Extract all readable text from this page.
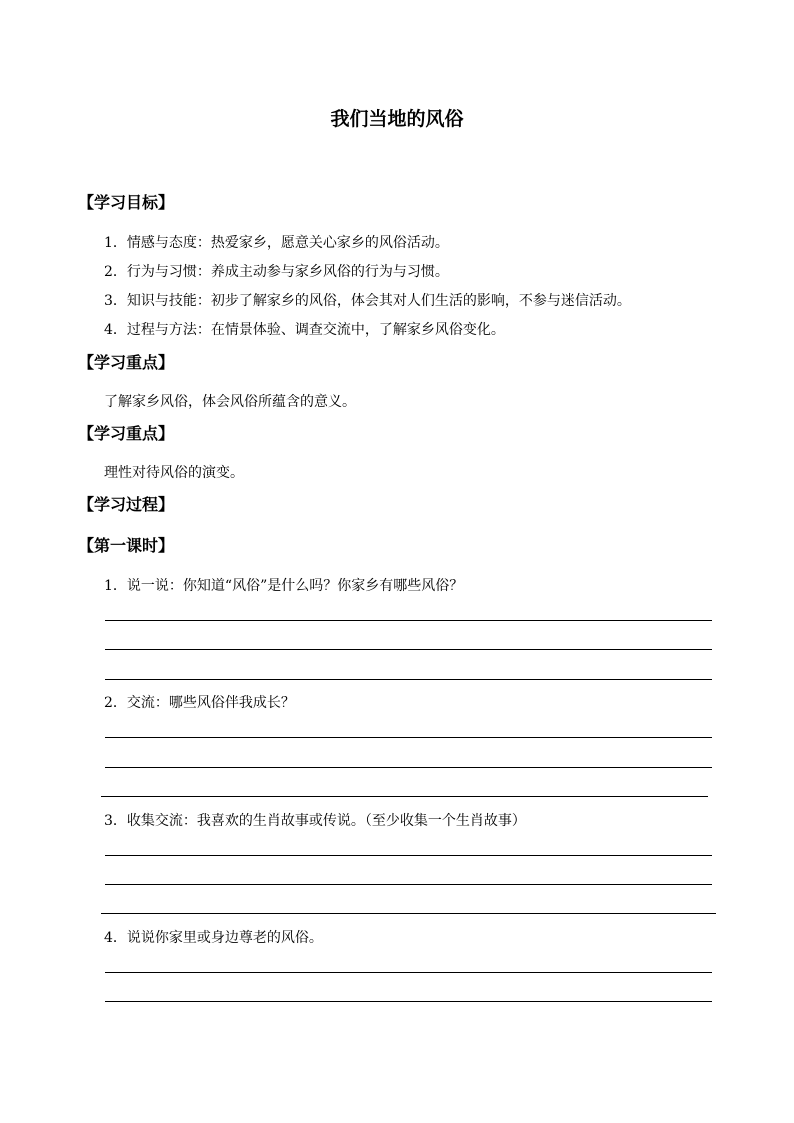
我们当地的风俗
【学习目标】
1．情感与态度：热爱家乡，愿意关心家乡的风俗活动。
2．行为与习惯：养成主动参与家乡风俗的行为与习惯。
3．知识与技能：初步了解家乡的风俗，体会其对人们生活的影响，不参与迷信活动。
4．过程与方法：在情景体验、调查交流中，了解家乡风俗变化。
【学习重点】
了解家乡风俗，体会风俗所蕴含的意义。
【学习重点】
理性对待风俗的演变。
【学习过程】
【第一课时】
1．说一说：你知道“风俗”是什么吗？你家乡有哪些风俗？
2．交流：哪些风俗伴我成长？
3．收集交流：我喜欢的生肖故事或传说。（至少收集一个生肖故事）
4．说说你家里或身边尊老的风俗。
